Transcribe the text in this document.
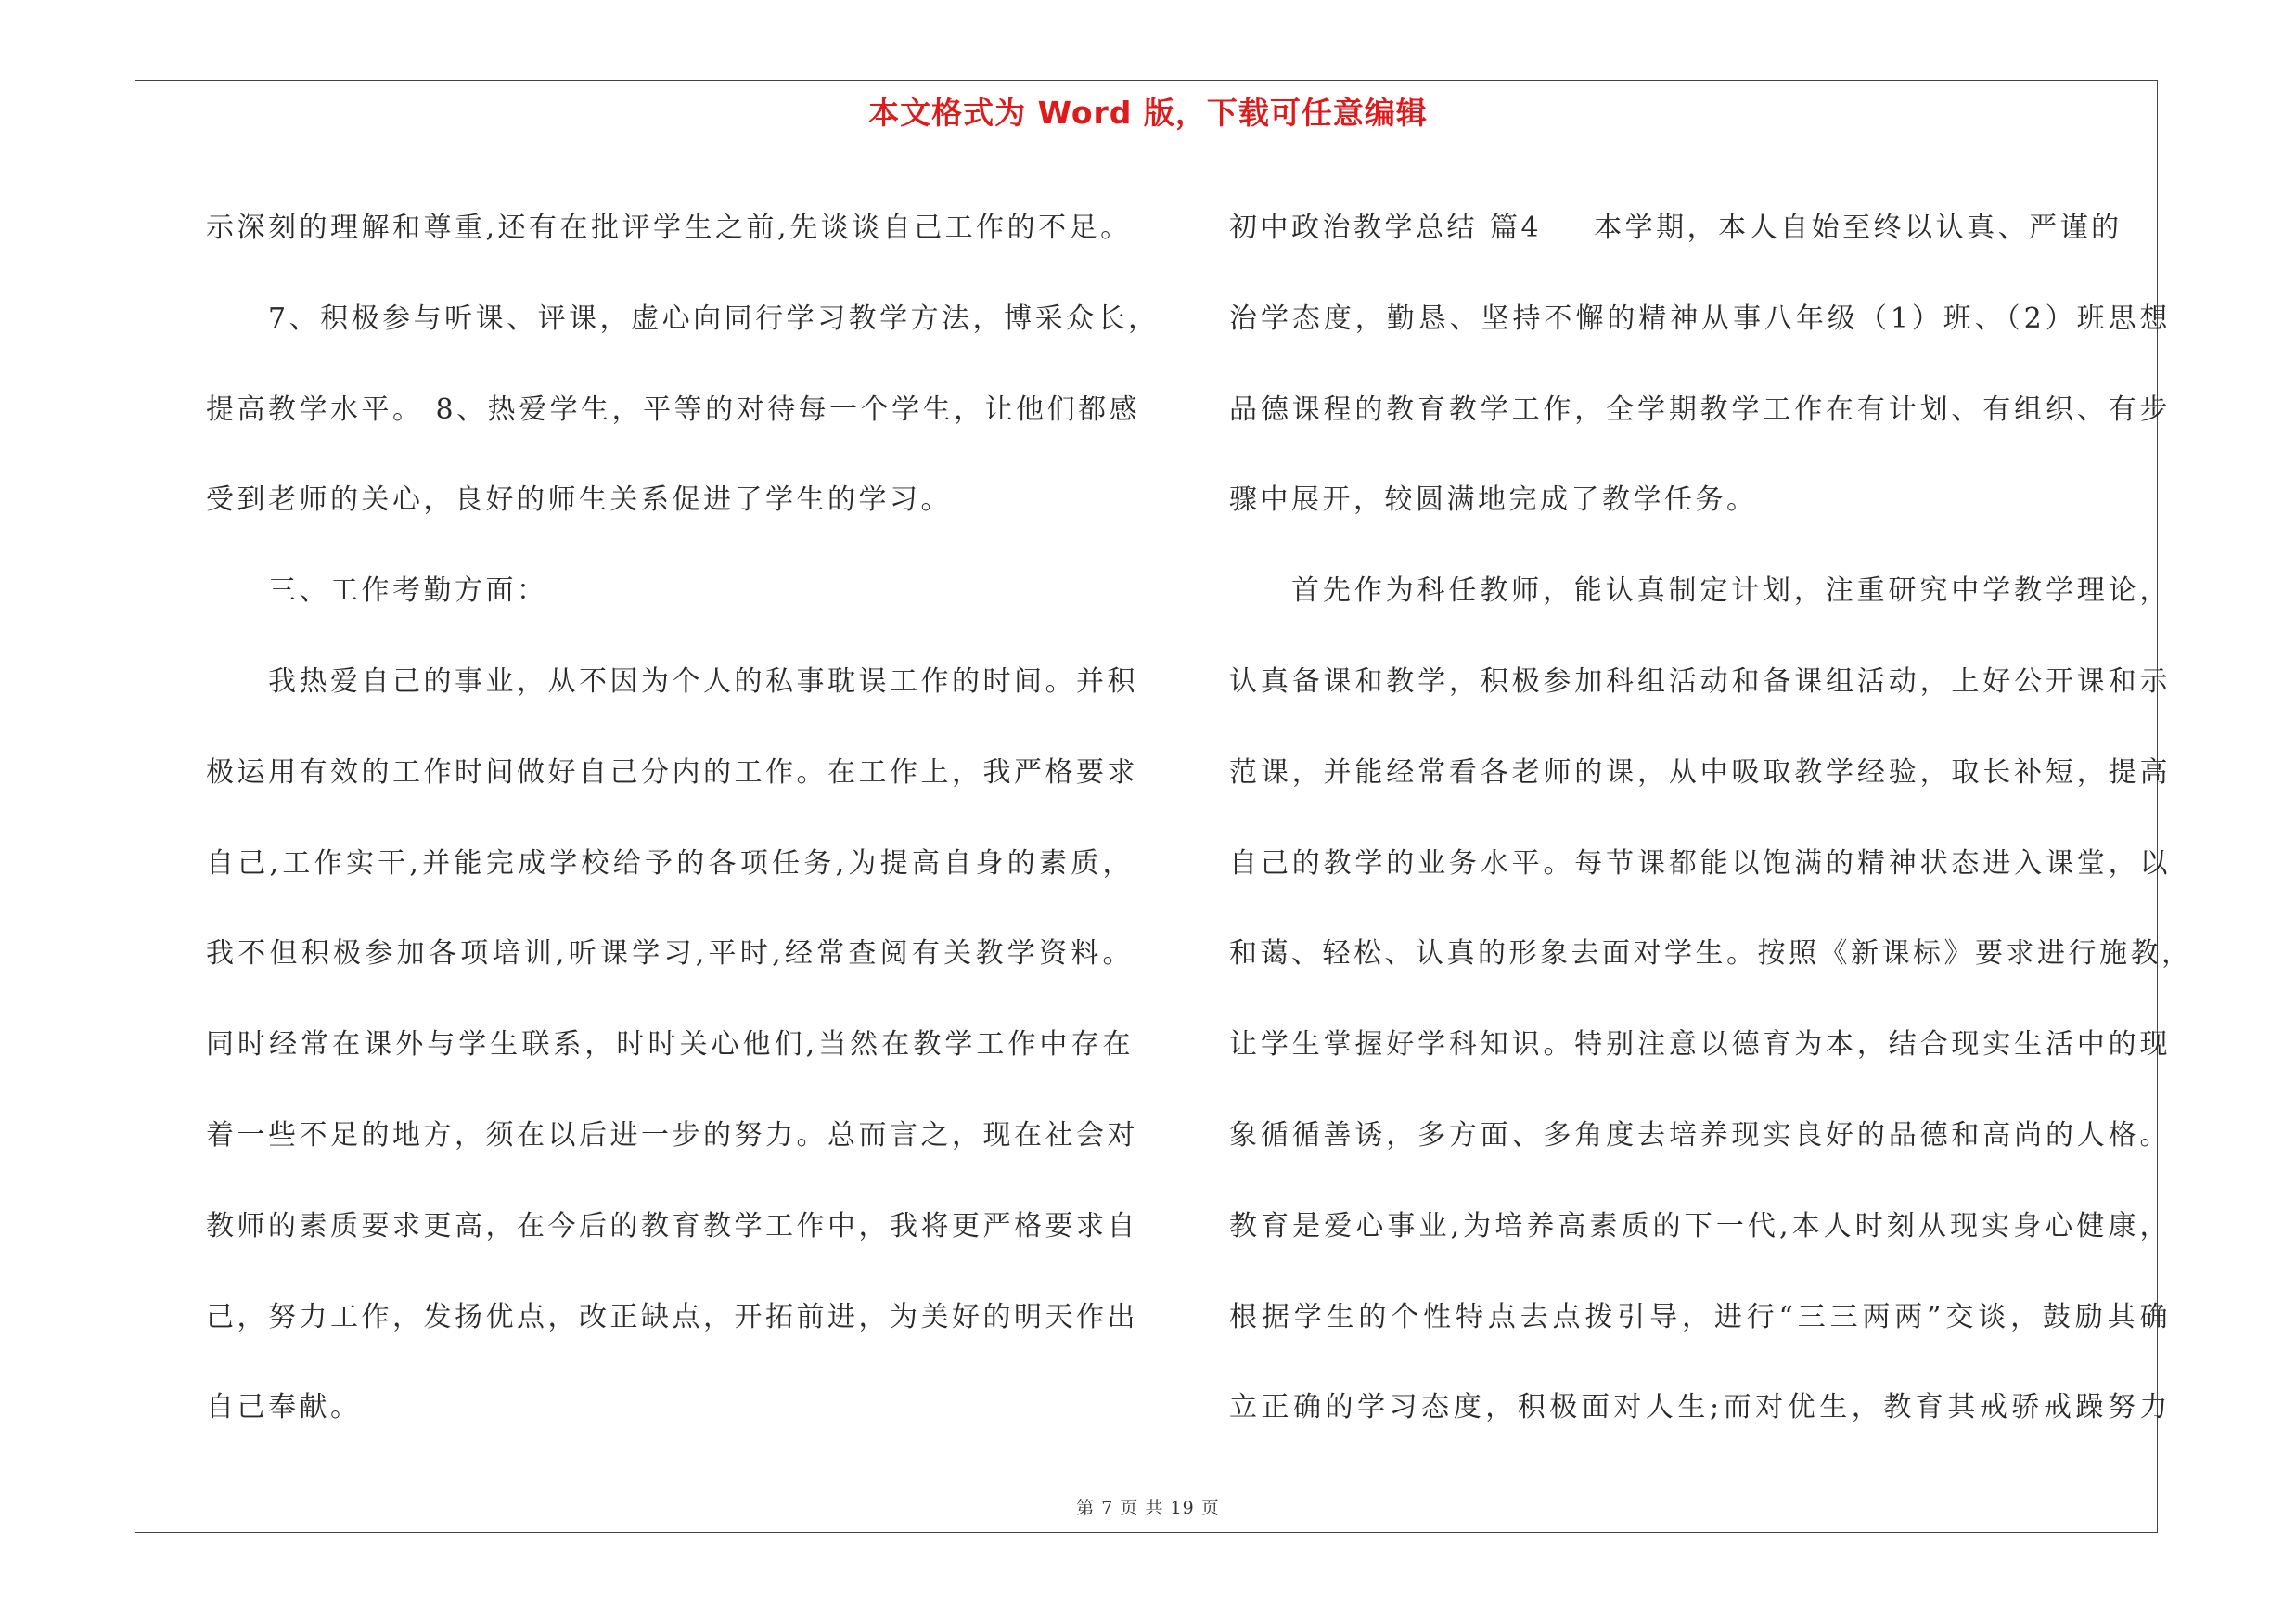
本文格式为 Word 版，下载可任意编辑
示深刻的理解和尊重,还有在批评学生之前,先谈谈自己工作的不足。
7、积极参与听课、评课，虚心向同行学习教学方法，博采众长，
提高教学水平。 8、热爱学生，平等的对待每一个学生，让他们都感
受到老师的关心，良好的师生关系促进了学生的学习。
三、工作考勤方面：
我热爱自己的事业，从不因为个人的私事耽误工作的时间。并积
极运用有效的工作时间做好自己分内的工作。在工作上，我严格要求
自己,工作实干,并能完成学校给予的各项任务,为提高自身的素质，
我不但积极参加各项培训,听课学习,平时,经常查阅有关教学资料。
同时经常在课外与学生联系，时时关心他们,当然在教学工作中存在
着一些不足的地方，须在以后进一步的努力。总而言之，现在社会对
教师的素质要求更高，在今后的教育教学工作中，我将更严格要求自
己，努力工作，发扬优点，改正缺点，开拓前进，为美好的明天作出
自己奉献。
初中政治教学总结 篇4 本学期，本人自始至终以认真、严谨的
治学态度，勤恳、坚持不懈的精神从事八年级（1）班、（2）班思想
品德课程的教育教学工作，全学期教学工作在有计划、有组织、有步
骤中展开，较圆满地完成了教学任务。
首先作为科任教师，能认真制定计划，注重研究中学教学理论，
认真备课和教学，积极参加科组活动和备课组活动，上好公开课和示
范课，并能经常看各老师的课，从中吸取教学经验，取长补短，提高
自己的教学的业务水平。每节课都能以饱满的精神状态进入课堂，以
和蔼、轻松、认真的形象去面对学生。按照《新课标》要求进行施教，
让学生掌握好学科知识。特别注意以德育为本，结合现实生活中的现
象循循善诱，多方面、多角度去培养现实良好的品德和高尚的人格。
教育是爱心事业,为培养高素质的下一代,本人时刻从现实身心健康，
根据学生的个性特点去点拨引导，进行“三三两两”交谈，鼓励其确
立正确的学习态度，积极面对人生;而对优生，教育其戒骄戒躁努力
第 7 页 共 19 页
